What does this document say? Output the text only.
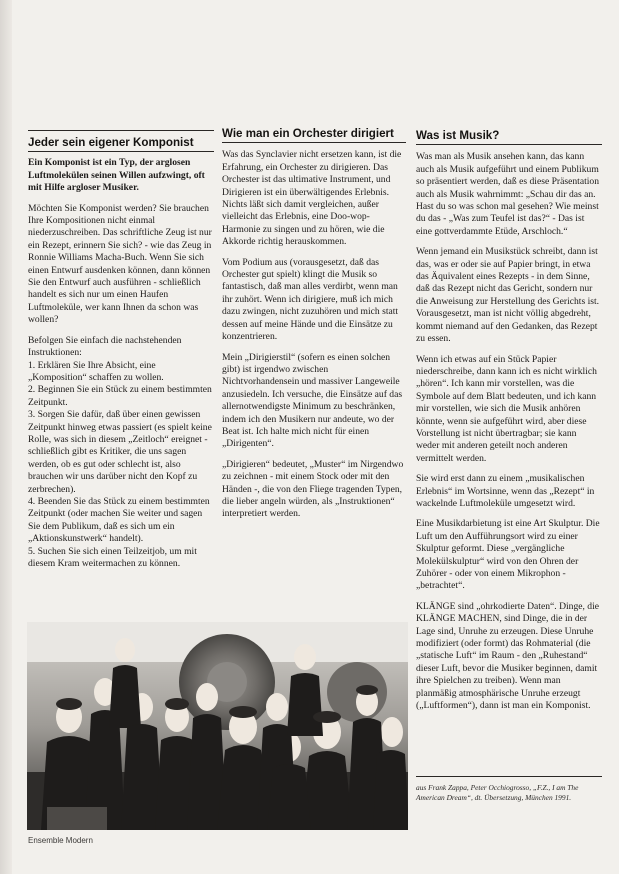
Jeder sein eigener Komponist

Ein Komponist ist ein Typ, der arglosen Luftmolekülen seinen Willen aufzwingt, oft mit Hilfe argloser Musiker.

Möchten Sie Komponist werden? Sie brauchen Ihre Kompositionen nicht einmal niederzuschreiben. Das schriftliche Zeug ist nur ein Rezept, erinnern Sie sich? - wie das Zeug in Ronnie Williams Macha-Buch. Wenn Sie sich einen Entwurf ausdenken können, dann können Sie den Entwurf auch ausführen - schließlich handelt es sich nur um einen Haufen Luftmoleküle, wer kann Ihnen da schon was wollen?

Befolgen Sie einfach die nachstehenden Instruktionen:

1. Erklären Sie Ihre Absicht, eine „Komposition“ schaffen zu wollen.
2. Beginnen Sie ein Stück zu einem bestimmten Zeitpunkt.
3. Sorgen Sie dafür, daß über einen gewissen Zeitpunkt hinweg etwas passiert (es spielt keine Rolle, was sich in diesem „Zeitloch“ ereignet - schließlich gibt es Kritiker, die uns sagen werden, ob es gut oder schlecht ist, also brauchen wir uns darüber nicht den Kopf zu zerbrechen).
4. Beenden Sie das Stück zu einem bestimmten Zeitpunkt (oder machen Sie weiter und sagen Sie dem Publikum, daß es sich um ein „Aktionskunstwerk“ handelt).
5. Suchen Sie sich einen Teilzeitjob, um mit diesem Kram weitermachen zu können.
Wie man ein Orchester dirigiert

Was das Synclavier nicht ersetzen kann, ist die Erfahrung, ein Orchester zu dirigieren. Das Orchester ist das ultimative Instrument, und Dirigieren ist ein überwältigendes Erlebnis. Nichts läßt sich damit vergleichen, außer vielleicht das Erlebnis, eine Doo-wop-Harmonie zu singen und zu hören, wie die Akkorde richtig herauskommen.

Vom Podium aus (vorausgesetzt, daß das Orchester gut spielt) klingt die Musik so fantastisch, daß man alles verdirbt, wenn man ihr zuhört. Wenn ich dirigiere, muß ich mich dazu zwingen, nicht zuzuhören und mich statt dessen auf meine Hände und die Einsätze zu konzentrieren.

Mein „Dirigierstil“ (sofern es einen solchen gibt) ist irgendwo zwischen Nichtvorhandensein und massiver Langeweile anzusiedeln. Ich versuche, die Einsätze auf das allernotwendigste Minimum zu beschränken, indem ich den Musikern nur andeute, wo der Beat ist. Ich halte mich nicht für einen „Dirigenten“.

„Dirigieren“ bedeutet, „Muster“ im Nirgendwo zu zeichnen - mit einem Stock oder mit den Händen -, die von den Fliege tragenden Typen, die lieber angeln würden, als „Instruktionen“ interpretiert werden.

Was ist Musik?

Was man als Musik ansehen kann, das kann auch als Musik aufgeführt und einem Publikum so präsentiert werden, daß es diese Präsentation auch als Musik wahrnimmt: „Schau dir das an. Hast du so was schon mal gesehen? Wie meinst du das - „Was zum Teufel ist das?“ - Das ist eine gottverdammte Etüde, Arschloch.“

Wenn jemand ein Musikstück schreibt, dann ist das, was er oder sie auf Papier bringt, in etwa das Äquivalent eines Rezepts - in dem Sinne, daß das Rezept nicht das Gericht, sondern nur die Anweisung zur Herstellung des Gerichts ist. Vorausgesetzt, man ist nicht völlig abgedreht, kommt niemand auf den Gedanken, das Rezept zu essen.

Wenn ich etwas auf ein Stück Papier niederschreibe, dann kann ich es nicht wirklich „hören“. Ich kann mir vorstellen, was die Symbole auf dem Blatt bedeuten, und ich kann mir vorstellen, wie sich die Musik anhören könnte, wenn sie aufgeführt wird, aber diese Vorstellung ist nicht übertragbar; sie kann weder mit anderen geteilt noch anderen vermittelt werden.

Sie wird erst dann zu einem „musikalischen Erlebnis“ im Wortsinne, wenn das „Rezept“ in wackelnde Luftmoleküle umgesetzt wird.

Eine Musikdarbietung ist eine Art Skulptur. Die Luft um den Aufführungsort wird zu einer Skulptur geformt. Diese „vergängliche Molekülskulptur“ wird von den Ohren der Zuhörer - oder von einem Mikrophon - „betrachtet“.

KLÄNGE sind „ohrkodierte Daten“. Dinge, die KLÄNGE MACHEN, sind Dinge, die in der Lage sind, Unruhe zu erzeugen. Diese Unruhe modifiziert (oder formt) das Rohmaterial (die „statische Luft“ im Raum - den „Ruhestand“ dieser Luft, bevor die Musiker beginnen, damit ihre Spielchen zu treiben). Wenn man planmäßig atmosphärische Unruhe erzeugt („Luftformen“), dann ist man ein Komponist.

aus Frank Zappa, Peter Occhiogrosso, „F.Z., I am The American Dream“, dt. Übersetzung, München 1991.
Ensemble Modern
